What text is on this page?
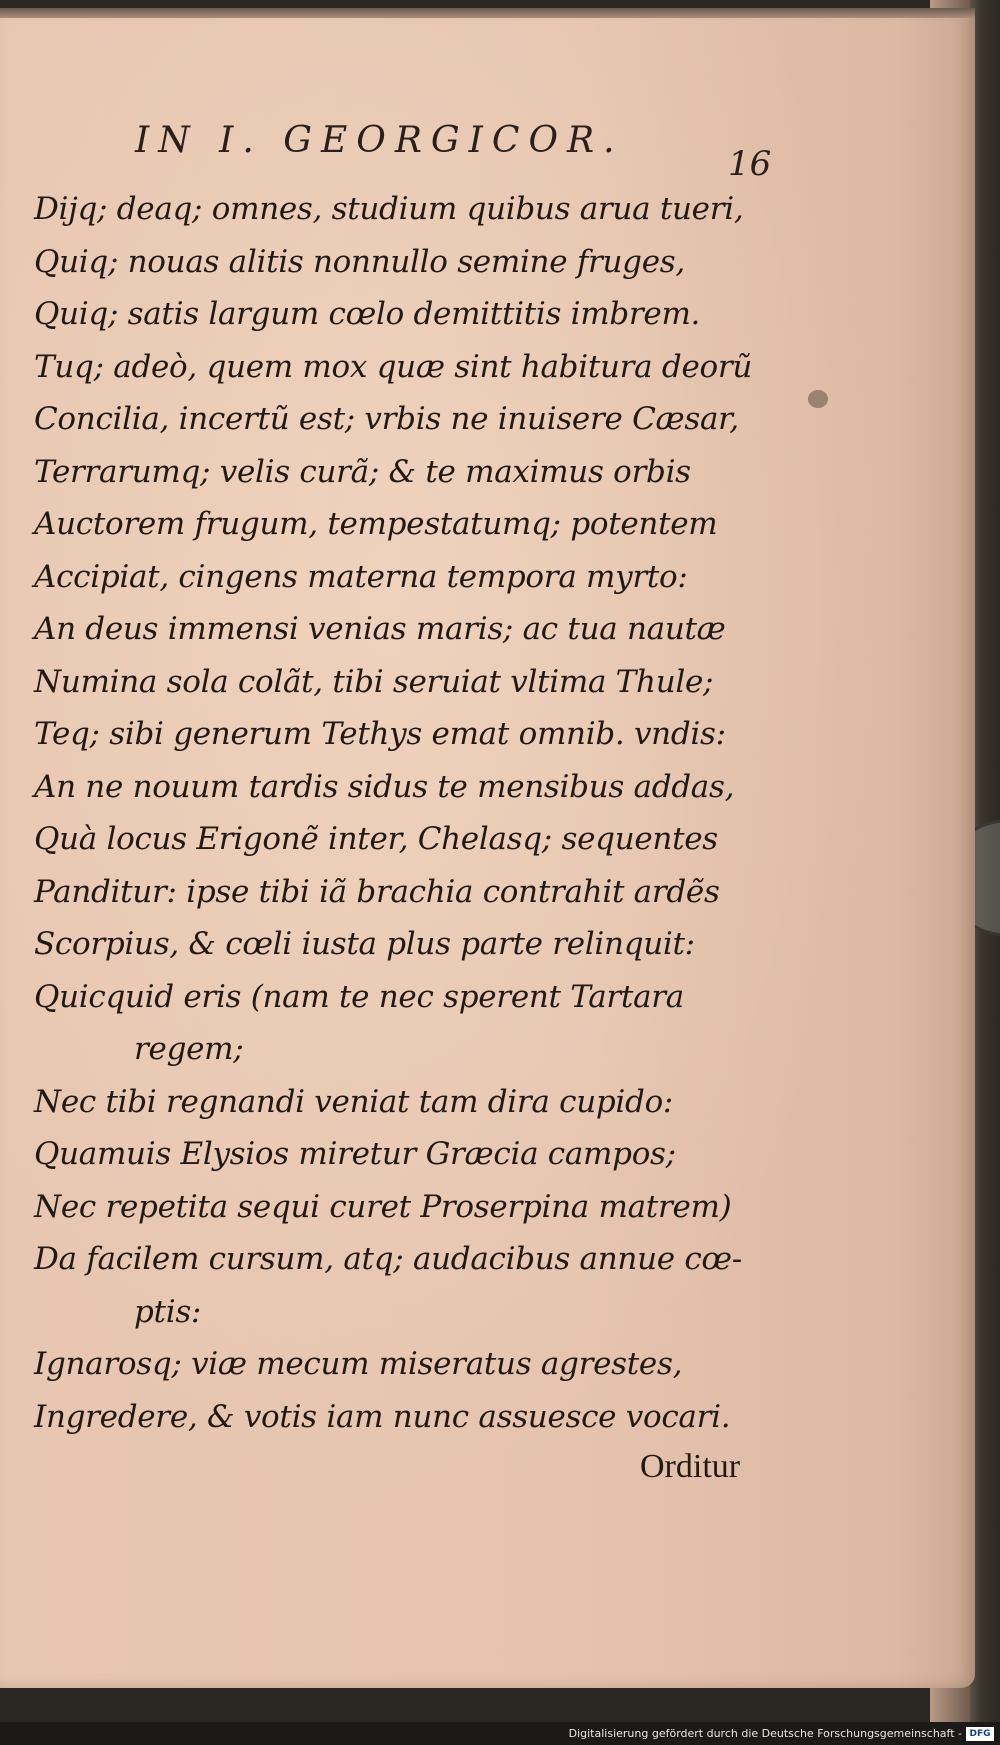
IN I. GEORGICOR.
16
Dijq; deaq; omnes, studium quibus arua tueri,
Quiq; nouas alitis nonnullo semine fruges,
Quiq; satis largum cœlo demittitis imbrem.
Tuq; adeò, quem mox quæ sint habitura deorũ
Concilia, incertũ est; vrbis ne inuisere Cæsar,
Terrarumq; velis curã; & te maximus orbis
Auctorem frugum, tempestatumq; potentem
Accipiat, cingens materna tempora myrto:
An deus immensi venias maris; ac tua nautæ
Numina sola colãt, tibi seruiat vltima Thule;
Teq; sibi generum Tethys emat omnib. vndis:
An ne nouum tardis sidus te mensibus addas,
Quà locus Erigonẽ inter, Chelasq; sequentes
Panditur: ipse tibi iã brachia contrahit ardẽs
Scorpius, & cœli iusta plus parte relinquit:
Quicquid eris (nam te nec sperent Tartara
regem;
Nec tibi regnandi veniat tam dira cupido:
Quamuis Elysios miretur Græcia campos;
Nec repetita sequi curet Proserpina matrem)
Da facilem cursum, atq; audacibus annue cœ-
ptis:
Ignarosq; viæ mecum miseratus agrestes,
Ingredere, & votis iam nunc assuesce vocari.
Orditur
Digitalisierung gefördert durch die Deutsche Forschungsgemeinschaft - DFG
